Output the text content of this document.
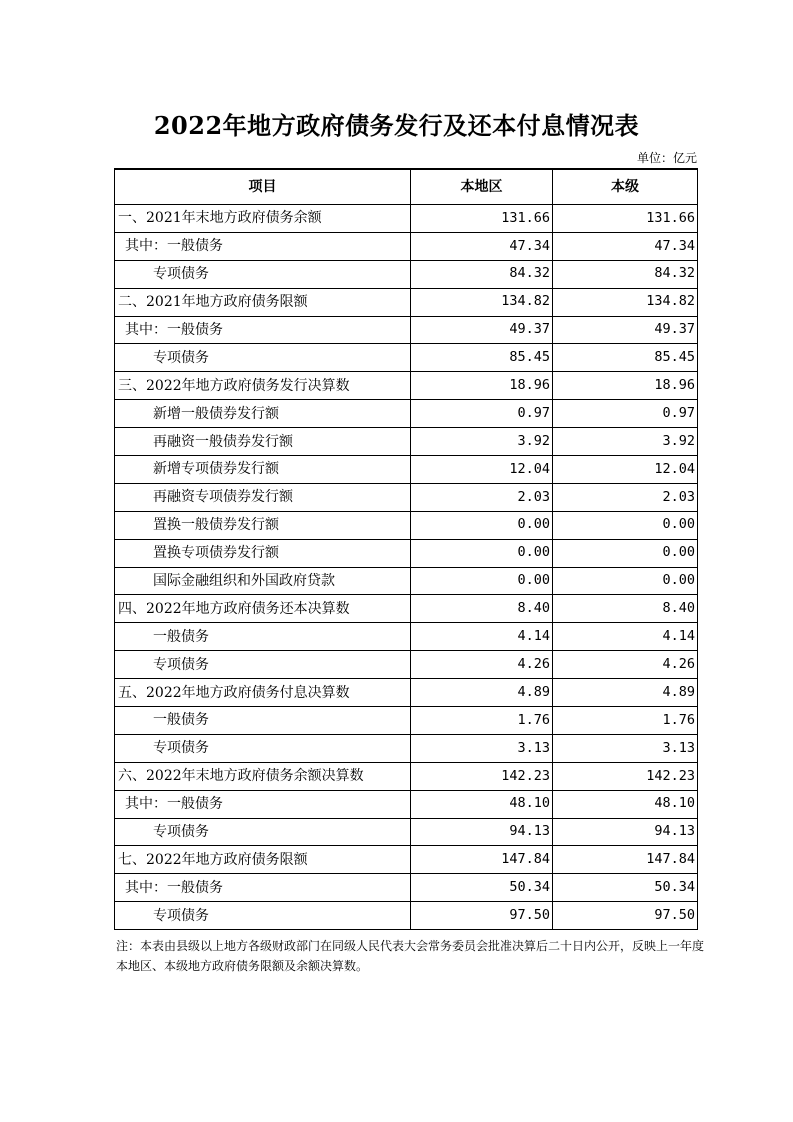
2022年地方政府债务发行及还本付息情况表
单位：亿元
项目	本地区	本级
一、2021年末地方政府债务余额	131.66	131.66
其中：一般债务	47.34	47.34
专项债务	84.32	84.32
二、2021年地方政府债务限额	134.82	134.82
其中：一般债务	49.37	49.37
专项债务	85.45	85.45
三、2022年地方政府债务发行决算数	18.96	18.96
新增一般债券发行额	0.97	0.97
再融资一般债券发行额	3.92	3.92
新增专项债券发行额	12.04	12.04
再融资专项债券发行额	2.03	2.03
置换一般债券发行额	0.00	0.00
置换专项债券发行额	0.00	0.00
国际金融组织和外国政府贷款	0.00	0.00
四、2022年地方政府债务还本决算数	8.40	8.40
一般债务	4.14	4.14
专项债务	4.26	4.26
五、2022年地方政府债务付息决算数	4.89	4.89
一般债务	1.76	1.76
专项债务	3.13	3.13
六、2022年末地方政府债务余额决算数	142.23	142.23
其中：一般债务	48.10	48.10
专项债务	94.13	94.13
七、2022年地方政府债务限额	147.84	147.84
其中：一般债务	50.34	50.34
专项债务	97.50	97.50
注：本表由县级以上地方各级财政部门在同级人民代表大会常务委员会批准决算后二十日内公开，反映上一年度本地区、本级地方政府债务限额及余额决算数。
